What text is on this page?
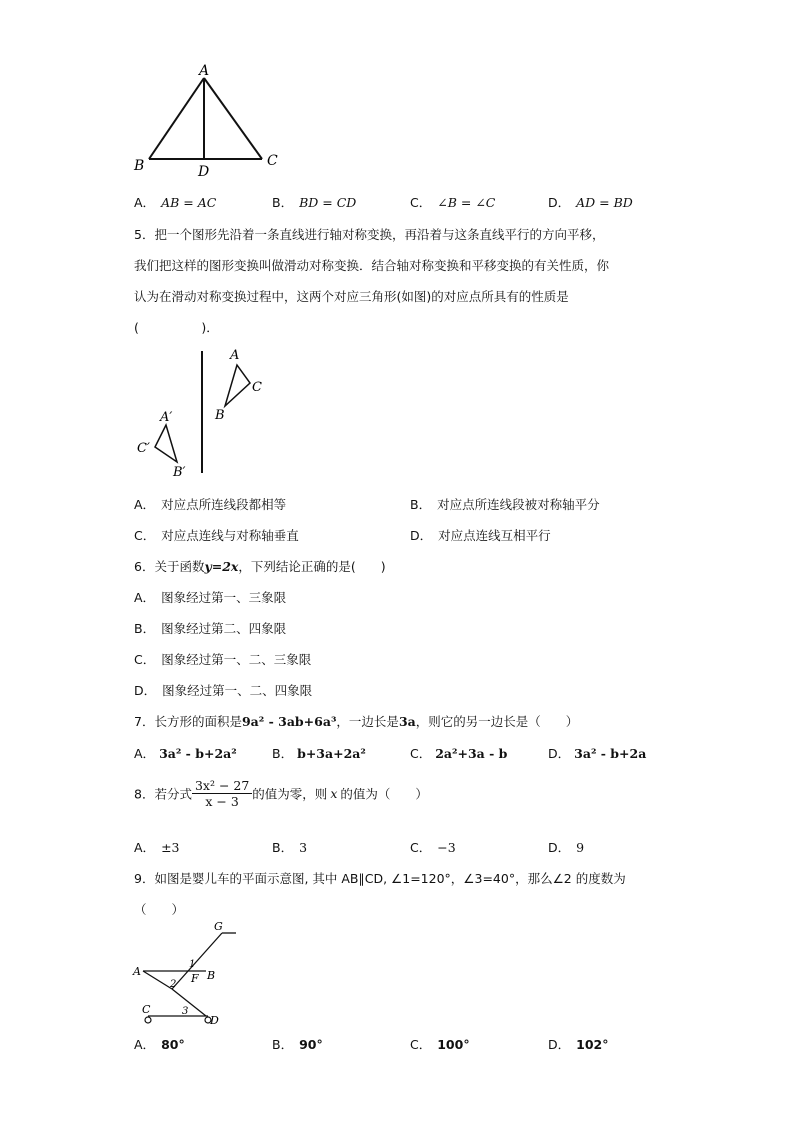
A
B	C
D
A． AB = AC	B． BD = CD	C． ∠B = ∠C	D． AD = BD
5．把一个图形先沿着一条直线进行轴对称变换，再沿着与这条直线平行的方向平移，
我们把这样的图形变换叫做滑动对称变换．结合轴对称变换和平移变换的有关性质，你
认为在滑动对称变换过程中，这两个对应三角形(如图)的对应点所具有的性质是
(　　　　　)．
A
C
B
A′
C′
B′
A． 对应点所连线段都相等	B． 对应点所连线段被对称轴平分
C． 对应点连线与对称轴垂直	D． 对应点连线互相平行
6．关于函数y=2x，下列结论正确的是(　　)
A． 图象经过第一、三象限
B． 图象经过第二、四象限
C． 图象经过第一、二、三象限
D． 图象经过第一、二、四象限
7．长方形的面积是9a² - 3ab+6a³，一边长是3a，则它的另一边长是（　　）
A． 3a² - b+2a²	B． b+3a+2a²	C． 2a²+3a - b	D． 3a² - b+2a
8．若分式 $\frac{\text{3x² − 27}}{x - 3}$ 的值为零，则 x 的值为（　　）
A． ±3	B． 3	C． −3	D． 9
9．如图是婴儿车的平面示意图, 其中 AB∥CD, ∠1=120°，∠3=40°，那么∠2 的度数为
（　　）
G
A	B
F
1
2
3
C
D
A． 80°	B． 90°	C． 100°	D． 102°
